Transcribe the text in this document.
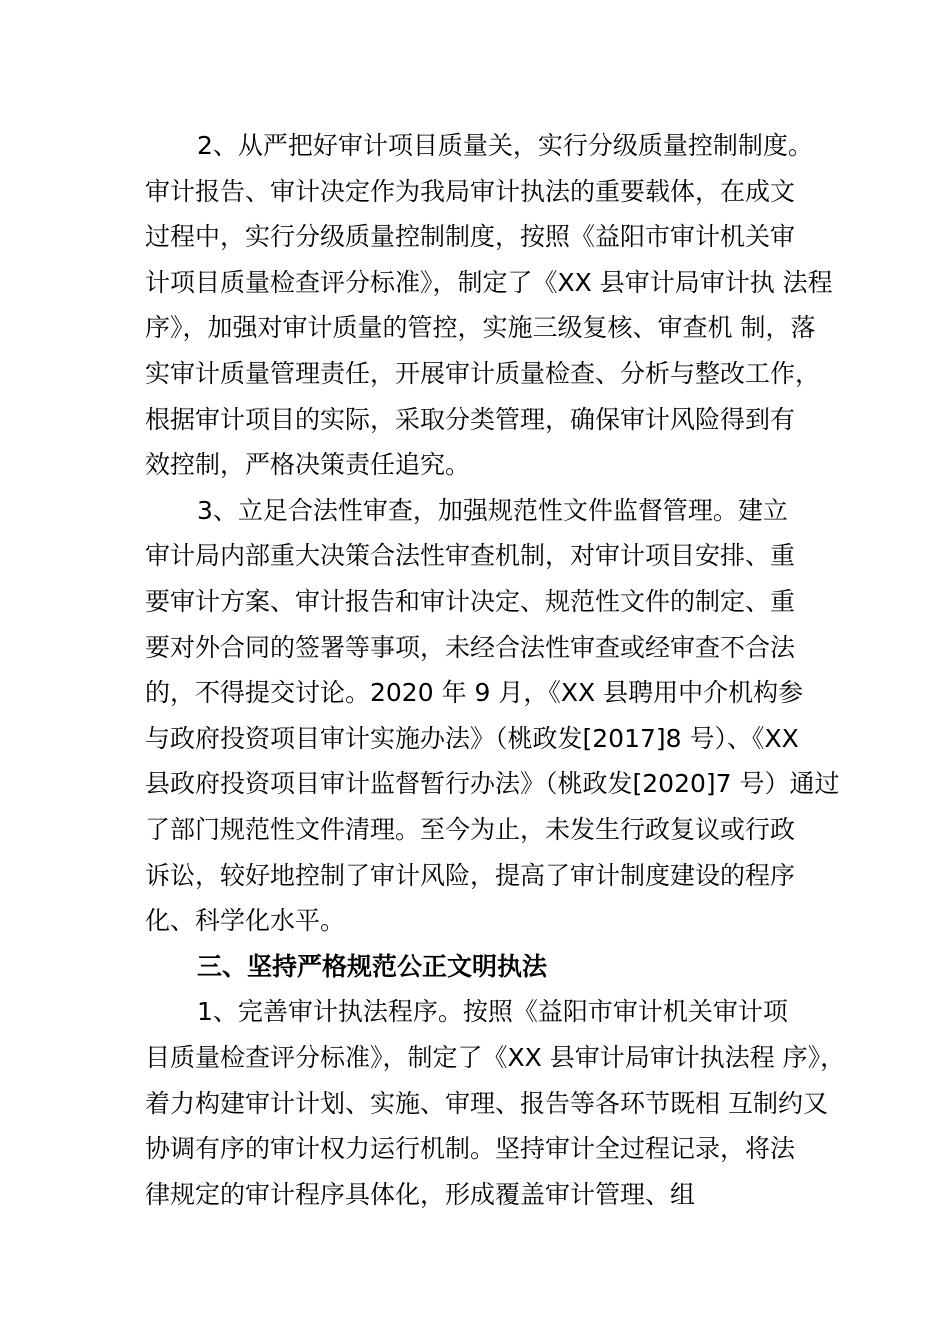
2、从严把好审计项目质量关，实行分级质量控制制度。
审计报告、审计决定作为我局审计执法的重要载体，在成文
过程中，实行分级质量控制制度，按照《益阳市审计机关审
计项目质量检查评分标准》，制定了《XX 县审计局审计执 法程
序》，加强对审计质量的管控，实施三级复核、审查机 制，落
实审计质量管理责任，开展审计质量检查、分析与整改工作，
根据审计项目的实际，采取分类管理，确保审计风险得到有
效控制，严格决策责任追究。
3、立足合法性审查，加强规范性文件监督管理。建立
审计局内部重大决策合法性审查机制，对审计项目安排、重
要审计方案、审计报告和审计决定、规范性文件的制定、重
要对外合同的签署等事项，未经合法性审查或经审查不合法
的，不得提交讨论。2020 年 9 月，《XX 县聘用中介机构参
与政府投资项目审计实施办法》（桃政发[2017]8 号）、《XX
县政府投资项目审计监督暂行办法》（桃政发[2020]7 号）通过
了部门规范性文件清理。至今为止，未发生行政复议或行政
诉讼，较好地控制了审计风险，提高了审计制度建设的程序
化、科学化水平。
三、坚持严格规范公正文明执法
1、完善审计执法程序。按照《益阳市审计机关审计项
目质量检查评分标准》，制定了《XX 县审计局审计执法程 序》，
着力构建审计计划、实施、审理、报告等各环节既相 互制约又
协调有序的审计权力运行机制。坚持审计全过程记录，将法
律规定的审计程序具体化，形成覆盖审计管理、组
